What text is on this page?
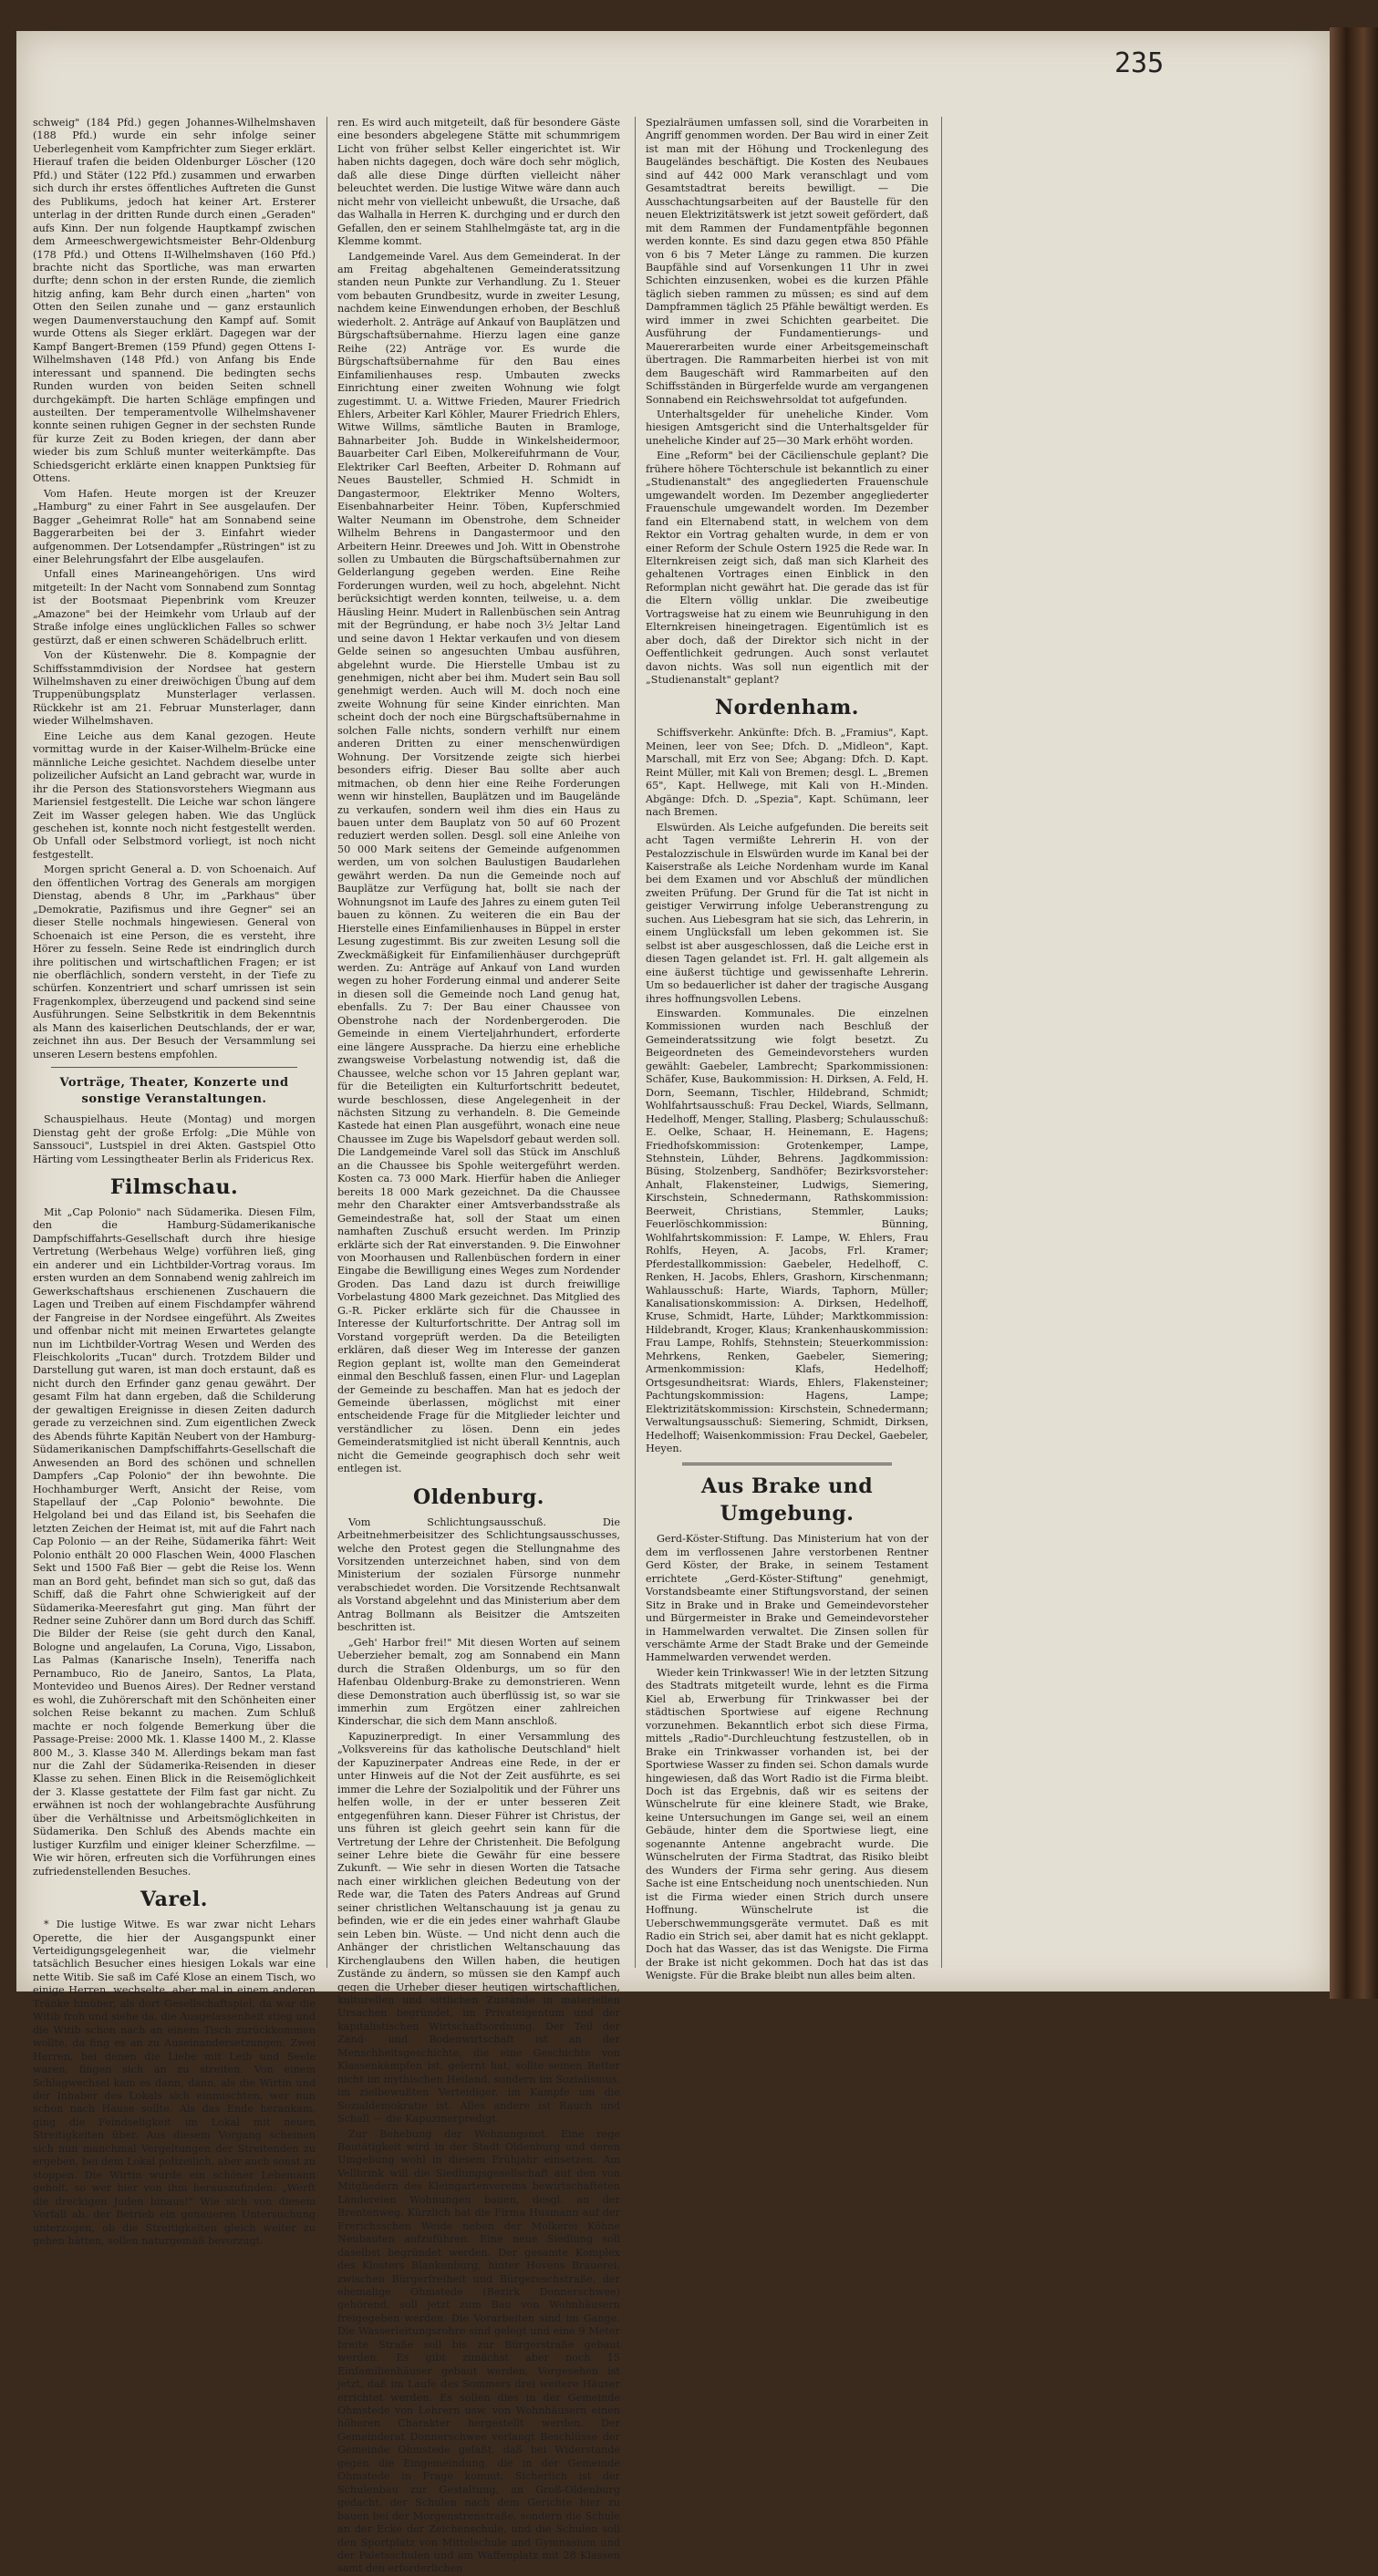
235

schweig" (184 Pfd.) gegen Johannes-Wilhelmshaven (188 Pfd.) wurde ein sehr infolge seiner Ueberlegenheit vom Kampfrichter zum Sieger erklärt. Hierauf trafen die beiden Oldenburger Löscher (120 Pfd.) und Stäter (122 Pfd.) zusammen und erwarben sich durch ihr erstes öffentliches Auftreten die Gunst des Publikums, jedoch hat keiner Art. Ersterer unterlag in der dritten Runde durch einen „Geraden" aufs Kinn. Der nun folgende Hauptkampf zwischen dem Armeeschwergewichtsmeister Behr-Oldenburg (178 Pfd.) und Ottens II-Wilhelmshaven (160 Pfd.) brachte nicht das Sportliche, was man erwarten durfte; denn schon in der ersten Runde, die ziemlich hitzig anfing, kam Behr durch einen „harten" von Otten den Seilen zunahe und — ganz erstaunlich wegen Daumenverstauchung den Kampf auf. Somit wurde Ottens als Sieger erklärt. Dagegen war der Kampf Bangert-Bremen (159 Pfund) gegen Ottens I-Wilhelmshaven (148 Pfd.) von Anfang bis Ende interessant und spannend. Die bedingten sechs Runden wurden von beiden Seiten schnell durchgekämpft. Die harten Schläge empfingen und austeilten. Der temperamentvolle Wilhelmshavener konnte seinen ruhigen Gegner in der sechsten Runde für kurze Zeit zu Boden kriegen, der dann aber wieder bis zum Schluß munter weiterkämpfte. Das Schiedsgericht erklärte einen knappen Punktsieg für Ottens.

Vom Hafen. Heute morgen ist der Kreuzer „Hamburg" zu einer Fahrt in See ausgelaufen. Der Bagger „Geheimrat Rolle" hat am Sonnabend seine Baggerarbeiten bei der 3. Einfahrt wieder aufgenommen. Der Lotsendampfer „Rüstringen" ist zu einer Belehrungsfahrt der Elbe ausgelaufen.

Unfall eines Marineangehörigen. Uns wird mitgeteilt: In der Nacht vom Sonnabend zum Sonntag ist der Bootsmaat Piepenbrink vom Kreuzer „Amazone" bei der Heimkehr vom Urlaub auf der Straße infolge eines unglücklichen Falles so schwer gestürzt, daß er einen schweren Schädelbruch erlitt.

Von der Küstenwehr. Die 8. Kompagnie der Schiffsstammdivision der Nordsee hat gestern Wilhelmshaven zu einer dreiwöchigen Übung auf dem Truppenübungsplatz Munsterlager verlassen. Rückkehr ist am 21. Februar Munsterlager, dann wieder Wilhelmshaven.

Eine Leiche aus dem Kanal gezogen. Heute vormittag wurde in der Kaiser-Wilhelm-Brücke eine männliche Leiche gesichtet. Nachdem dieselbe unter polizeilicher Aufsicht an Land gebracht war, wurde in ihr die Person des Stationsvorstehers Wiegmann aus Mariensiel festgestellt. Die Leiche war schon längere Zeit im Wasser gelegen haben. Wie das Unglück geschehen ist, konnte noch nicht festgestellt werden. Ob Unfall oder Selbstmord vorliegt, ist noch nicht festgestellt.

Morgen spricht General a. D. von Schoenaich. Auf den öffentlichen Vortrag des Generals am morgigen Dienstag, abends 8 Uhr, im „Parkhaus" über „Demokratie, Pazifismus und ihre Gegner" sei an dieser Stelle nochmals hingewiesen. General von Schoenaich ist eine Person, die es versteht, ihre Hörer zu fesseln. Seine Rede ist eindringlich durch ihre politischen und wirtschaftlichen Fragen; er ist nie oberflächlich, sondern versteht, in der Tiefe zu schürfen. Konzentriert und scharf umrissen ist sein Fragenkomplex, überzeugend und packend sind seine Ausführungen. Seine Selbstkritik in dem Bekenntnis als Mann des kaiserlichen Deutschlands, der er war, zeichnet ihn aus. Der Besuch der Versammlung sei unseren Lesern bestens empfohlen.

Vorträge, Theater, Konzerte und sonstige Veranstaltungen.

Schauspielhaus. Heute (Montag) und morgen Dienstag geht der große Erfolg: „Die Mühle von Sanssouci", Lustspiel in drei Akten. Gastspiel Otto Härting vom Lessingtheater Berlin als Fridericus Rex.

Filmschau.

Mit „Cap Polonio" nach Südamerika. Diesen Film, den die Hamburg-Südamerikanische Dampfschiffahrts-Gesellschaft durch ihre hiesige Vertretung (Werbehaus Welge) vorführen ließ, ging ein anderer und ein Lichtbilder-Vortrag voraus. Im ersten wurden an dem Sonnabend wenig zahlreich im Gewerkschaftshaus erschienenen Zuschauern die Lagen und Treiben auf einem Fischdampfer während der Fangreise in der Nordsee eingeführt. Als Zweites und offenbar nicht mit meinen Erwartetes gelangte nun im Lichtbilder-Vortrag Wesen und Werden des Fleischkolorits „Tucan" durch. Trotzdem Bilder und Darstellung gut waren, ist man doch erstaunt, daß es nicht durch den Erfinder ganz genau gewährt. Der gesamt Film hat dann ergeben, daß die Schilderung der gewaltigen Ereignisse in diesen Zeiten dadurch gerade zu verzeichnen sind. Zum eigentlichen Zweck des Abends führte Kapitän Neubert von der Hamburg-Südamerikanischen Dampfschiffahrts-Gesellschaft die Anwesenden an Bord des schönen und schnellen Dampfers „Cap Polonio" der ihn bewohnte. Die Hochhamburger Werft, Ansicht der Reise, vom Stapellauf der „Cap Polonio" bewohnte. Die Helgoland bei und das Eiland ist, bis Seehafen die letzten Zeichen der Heimat ist, mit auf die Fahrt nach Cap Polonio — an der Reihe, Südamerika fährt: Weit Polonio enthält 20 000 Flaschen Wein, 4000 Flaschen Sekt und 1500 Faß Bier — gebt die Reise los. Wenn man an Bord geht, befindet man sich so gut, daß das Schiff, daß die Fahrt ohne Schwierigkeit auf der Südamerika-Meeresfahrt gut ging. Man führt der Redner seine Zuhörer dann um Bord durch das Schiff. Die Bilder der Reise (sie geht durch den Kanal, Bologne und angelaufen, La Coruna, Vigo, Lissabon, Las Palmas (Kanarische Inseln), Teneriffa nach Pernambuco, Rio de Janeiro, Santos, La Plata, Montevideo und Buenos Aires). Der Redner verstand es wohl, die Zuhörerschaft mit den Schönheiten einer solchen Reise bekannt zu machen. Zum Schluß machte er noch folgende Bemerkung über die Passage-Preise: 2000 Mk. 1. Klasse 1400 M., 2. Klasse 800 M., 3. Klasse 340 M. Allerdings bekam man fast nur die Zahl der Südamerika-Reisenden in dieser Klasse zu sehen. Einen Blick in die Reisemöglichkeit der 3. Klasse gestattete der Film fast gar nicht. Zu erwähnen ist noch der wohlangebrachte Ausführung über die Verhältnisse und Arbeitsmöglichkeiten in Südamerika. Den Schluß des Abends machte ein lustiger Kurzfilm und einiger kleiner Scherzfilme. — Wie wir hören, erfreuten sich die Vorführungen eines zufriedenstellenden Besuches.

Varel.

* Die lustige Witwe. Es war zwar nicht Lehars Operette, die hier der Ausgangspunkt einer Verteidigungsgelegenheit war, die vielmehr tatsächlich Besucher eines hiesigen Lokals war eine nette Witib. Sie saß im Café Klose an einem Tisch, wo einige Herren, wechselte, aber mal in einem anderen Tränke hinüber, als dort Gesellschaftspiel, da war die Witib froh und siehe da, die Ausgelassenheit stieg und die Witib schon nach an einem Tisch zurückkommen wollte, da fing es an zu Auseinandersetzungen. Zwei Herren, bei denen die Liebe mit Leib und Seele waren, fingen sich an zu streiten. Von einem Schlagwechsel kam es dann, dann, als die Wirtin und der Inhaber des Lokals sich einmischten, wer nun schon nach Hause sollte. Als das Ende herankam, ging die Feindseligkeit im Lokal mit neuen Streitigkeiten über. Aus diesem Vorgang scheinen sich nun manchmal Vergeltungen der Streitenden zu ergeben, bei dem Lokal polizeilich, aber auch sonst zu stoppen. Die Wirtin wurde ein schöner Lebemann geholt, so wer hier von ihm herauszufinden: „Werft die dreckigen Juden hinaus!" Wie sich von diesem Vorfall ab, der Betrieb ein genaueren Untersuchung unterzogen, ob die Streitigkeiten gleich weiter zu gehen hätten, sollen naturgemäß bevorzugt.

ren. Es wird auch mitgeteilt, daß für besondere Gäste eine besonders abgelegene Stätte mit schummrigem Licht von früher selbst Keller eingerichtet ist. Wir haben nichts dagegen, doch wäre doch sehr möglich, daß alle diese Dinge dürften vielleicht näher beleuchtet werden. Die lustige Witwe wäre dann auch nicht mehr von vielleicht unbewußt, die Ursache, daß das Walhalla in Herren K. durchging und er durch den Gefallen, den er seinem Stahlhelmgäste tat, arg in die Klemme kommt.

Landgemeinde Varel. Aus dem Gemeinderat. In der am Freitag abgehaltenen Gemeinderatssitzung standen neun Punkte zur Verhandlung. Zu 1. Steuer vom bebauten Grundbesitz, wurde in zweiter Lesung, nachdem keine Einwendungen erhoben, der Beschluß wiederholt. 2. Anträge auf Ankauf von Bauplätzen und Bürgschaftsübernahme. Hierzu lagen eine ganze Reihe (22) Anträge vor. Es wurde die Bürgschaftsübernahme für den Bau eines Einfamilienhauses resp. Umbauten zwecks Einrichtung einer zweiten Wohnung wie folgt zugestimmt. U. a. Wittwe Frieden, Maurer Friedrich Ehlers, Arbeiter Karl Köhler, Maurer Friedrich Ehlers, Witwe Willms, sämtliche Bauten in Bramloge, Bahnarbeiter Joh. Budde in Winkelsheidermoor, Bauarbeiter Carl Eiben, Molkereifuhrmann de Vour, Elektriker Carl Beeften, Arbeiter D. Rohmann auf Neues Bausteller, Schmied H. Schmidt in Dangastermoor, Elektriker Menno Wolters, Eisenbahnarbeiter Heinr. Töben, Kupferschmied Walter Neumann im Obenstrohe, dem Schneider Wilhelm Behrens in Dangastermoor und den Arbeitern Heinr. Dreewes und Joh. Witt in Obenstrohe sollen zu Umbauten die Bürgschaftsübernahmen zur Gelderlangung gegeben werden. Eine Reihe Forderungen wurden, weil zu hoch, abgelehnt. Nicht berücksichtigt werden konnten, teilweise, u. a. dem Häusling Heinr. Mudert in Rallenbüschen sein Antrag mit der Begründung, er habe noch 3½ Jeltar Land und seine davon 1 Hektar verkaufen und von diesem Gelde seinen so angesuchten Umbau ausführen, abgelehnt wurde. Die Hierstelle Umbau ist zu genehmigen, nicht aber bei ihm. Mudert sein Bau soll genehmigt werden. Auch will M. doch noch eine zweite Wohnung für seine Kinder einrichten. Man scheint doch der noch eine Bürgschaftsübernahme in solchen Falle nichts, sondern verhilft nur einem anderen Dritten zu einer menschenwürdigen Wohnung. Der Vorsitzende zeigte sich hierbei besonders eifrig. Dieser Bau sollte aber auch mitmachen, ob denn hier eine Reihe Forderungen wenn wir hinstellen, Bauplätzen und im Baugelände zu verkaufen, sondern weil ihm dies ein Haus zu bauen unter dem Bauplatz von 50 auf 60 Prozent reduziert werden sollen. Desgl. soll eine Anleihe von 50 000 Mark seitens der Gemeinde aufgenommen werden, um von solchen Baulustigen Baudarlehen gewährt werden. Da nun die Gemeinde noch auf Bauplätze zur Verfügung hat, bollt sie nach der Wohnungsnot im Laufe des Jahres zu einem guten Teil bauen zu können. Zu weiteren die ein Bau der Hierstelle eines Einfamilienhauses in Büppel in erster Lesung zugestimmt. Bis zur zweiten Lesung soll die Zweckmäßigkeit für Einfamilienhäuser durchgeprüft werden. Zu: Anträge auf Ankauf von Land wurden wegen zu hoher Forderung einmal und anderer Seite in diesen soll die Gemeinde noch Land genug hat, ebenfalls. Zu 7: Der Bau einer Chaussee von Obenstrohe nach der Nordenbergeroden. Die Gemeinde in einem Vierteljahrhundert, erforderte eine längere Aussprache. Da hierzu eine erhebliche zwangsweise Vorbelastung notwendig ist, daß die Chaussee, welche schon vor 15 Jahren geplant war, für die Beteiligten ein Kulturfortschritt bedeutet, wurde beschlossen, diese Angelegenheit in der nächsten Sitzung zu verhandeln. 8. Die Gemeinde Kastede hat einen Plan ausgeführt, wonach eine neue Chaussee im Zuge bis Wapelsdorf gebaut werden soll. Die Landgemeinde Varel soll das Stück im Anschluß an die Chaussee bis Spohle weitergeführt werden. Kosten ca. 73 000 Mark. Hierfür haben die Anlieger bereits 18 000 Mark gezeichnet. Da die Chaussee mehr den Charakter einer Amtsverbandsstraße als Gemeindestraße hat, soll der Staat um einen namhaften Zuschuß ersucht werden. Im Prinzip erklärte sich der Rat einverstanden. 9. Die Einwohner von Moorhausen und Rallenbüschen fordern in einer Eingabe die Bewilligung eines Weges zum Nordender Groden. Das Land dazu ist durch freiwillige Vorbelastung 4800 Mark gezeichnet. Das Mitglied des G.-R. Picker erklärte sich für die Chaussee in Interesse der Kulturfortschritte. Der Antrag soll im Vorstand vorgeprüft werden. Da die Beteiligten erklären, daß dieser Weg im Interesse der ganzen Region geplant ist, wollte man den Gemeinderat einmal den Beschluß fassen, einen Flur- und Lageplan der Gemeinde zu beschaffen. Man hat es jedoch der Gemeinde überlassen, möglichst mit einer entscheidende Frage für die Mitglieder leichter und verständlicher zu lösen. Denn ein jedes Gemeinderatsmitglied ist nicht überall Kenntnis, auch nicht die Gemeinde geographisch doch sehr weit entlegen ist.

Oldenburg.

Vom Schlichtungsausschuß. Die Arbeitnehmerbeisitzer des Schlichtungsausschusses, welche den Protest gegen die Stellungnahme des Vorsitzenden unterzeichnet haben, sind von dem Ministerium der sozialen Fürsorge nunmehr verabschiedet worden. Die Vorsitzende Rechtsanwalt als Vorstand abgelehnt und das Ministerium aber dem Antrag Bollmann als Beisitzer die Amtszeiten beschritten ist.

„Geh' Harbor frei!" Mit diesen Worten auf seinem Ueberzieher bemalt, zog am Sonnabend ein Mann durch die Straßen Oldenburgs, um so für den Hafenbau Oldenburg-Brake zu demonstrieren. Wenn diese Demonstration auch überflüssig ist, so war sie immerhin zum Ergötzen einer zahlreichen Kinderschar, die sich dem Mann anschloß.

Kapuzinerpredigt. In einer Versammlung des „Volksvereins für das katholische Deutschland" hielt der Kapuzinerpater Andreas eine Rede, in der er unter Hinweis auf die Not der Zeit ausführte, es sei immer die Lehre der Sozialpolitik und der Führer uns helfen wolle, in der er unter besseren Zeit entgegenführen kann. Dieser Führer ist Christus, der uns führen ist gleich geehrt sein kann für die Vertretung der Lehre der Christenheit. Die Befolgung seiner Lehre biete die Gewähr für eine bessere Zukunft. — Wie sehr in diesen Worten die Tatsache nach einer wirklichen gleichen Bedeutung von der Rede war, die Taten des Paters Andreas auf Grund seiner christlichen Weltanschauung ist ja genau zu befinden, wie er die ein jedes einer wahrhaft Glaube sein Leben bin. Wüste. — Und nicht denn auch die Anhänger der christlichen Weltanschauung das Kirchenglaubens den Willen haben, die heutigen Zustände zu ändern, so müssen sie den Kampf auch gegen die Urheber dieser heutigen wirtschaftlichen, kulturellen und sittlichen Zustände in materiellen Ursachen begründet, im Privateigentum und der kapitalistischen Wirtschaftsordnung. Der Teil der Zand- und Bodenwirtschaft ist an der Menschheitsgeschichte, die eine Geschichte von Klassenkämpfen ist, gelernt hat, sollte seinen Retter nicht im mythischen Heiland, sondern im Sozialismus, im zielbewußten Verteidiger, im Kampfe um die Sozialdemokratie ist. Alles andere ist Rauch und Schall — die Kapuzinerpredigt.

Zur Behebung der Wohnungsnot. Eine rege Bautätigkeit wird in der Stadt Oldenburg und deren Umgebung wohl in diesem Frühjahr einsetzen. Am Vellbrink will die Siedlungsgesellschaft auf den von Mitgliedern des Kleingartenvereins bewirtschafteten Ländereien Wohnungen bauen, desgl. an der Brentenweg. Kürzlich hat die Firma Husmann auf der Frerichsschen Weide neben der Molkerei Köhne Neubauten aufzuführen. Eine neue Siedlung soll daselbst begründet werden. Der gesamte Komplex des Klosters Blankenburg, hinter Hovens Brauerei, zwischen Bürgerfreiheit und Bürgereschstraße, der ehemalige Ohmstede (Bezirk Donnerschwee) gehörend, soll jetzt zum Bau von Wohnhäusern freigegeben werden. Die Vorarbeiten sind im Gange. Die Wasserleitungsrohre sind gelegt und eine 9 Meter breite Straße soll bis zur Bürgerstraße gebaut werden. Es gibt zunächst aber noch 15 Einfamilienhäuser gebaut werden, Vorgesehen ist jetzt, daß im Laufe des Sommers drei weitere Häuser errichtet werden. Es sollen dies in der Gemeinde Ohmstede von Lehrern usw. von Wohnhäusern einen höheren Charakter hergestellt werden. Der Gemeinderat Donnerschwee verlangt Beschlüsse der Gemeinde Ohmstede gefaßt, daß bei Widerstande gegen die Eingemeindung, die in der Gemeinde Ohmstede in Frage kommt. Sicherlich ist der Schulenbau zur Gestaltung, an Groß-Oldenburg gedacht, der Schulen nach dem Gerichte hier zu bauen bei der Morgenstrenstraße, sondern die Schule an der Ecke der Zeichenschule, und die Schulen soll den Sportplatz von Mittelschule und Gymnasium und der Paletsschulen und am Waffenplatz mit 28 Klassen samt den erforderlichen

Spezialräumen umfassen soll, sind die Vorarbeiten in Angriff genommen worden. Der Bau wird in einer Zeit ist man mit der Höhung und Trockenlegung des Baugeländes beschäftigt. Die Kosten des Neubaues sind auf 442 000 Mark veranschlagt und vom Gesamtstadtrat bereits bewilligt. — Die Ausschachtungsarbeiten auf der Baustelle für den neuen Elektrizitätswerk ist jetzt soweit gefördert, daß mit dem Rammen der Fundamentpfähle begonnen werden konnte. Es sind dazu gegen etwa 850 Pfähle von 6 bis 7 Meter Länge zu rammen. Die kurzen Baupfähle sind auf Vorsenkungen 11 Uhr in zwei Schichten einzusenken, wobei es die kurzen Pfähle täglich sieben rammen zu müssen; es sind auf dem Dampframmen täglich 25 Pfähle bewältigt werden. Es wird immer in zwei Schichten gearbeitet. Die Ausführung der Fundamentierungs- und Mauererarbeiten wurde einer Arbeitsgemeinschaft übertragen. Die Rammarbeiten hierbei ist von mit dem Baugeschäft wird Rammarbeiten auf den Schiffsständen in Bürgerfelde wurde am vergangenen Sonnabend ein Reichswehrsoldat tot aufgefunden.

Unterhaltsgelder für uneheliche Kinder. Vom hiesigen Amtsgericht sind die Unterhaltsgelder für uneheliche Kinder auf 25—30 Mark erhöht worden.

Eine „Reform" bei der Cäcilienschule geplant? Die frühere höhere Töchterschule ist bekanntlich zu einer „Studienanstalt" des angegliederten Frauenschule umgewandelt worden. Im Dezember angegliederter Frauenschule umgewandelt worden. Im Dezember fand ein Elternabend statt, in welchem von dem Rektor ein Vortrag gehalten wurde, in dem er von einer Reform der Schule Ostern 1925 die Rede war. In Elternkreisen zeigt sich, daß man sich Klarheit des gehaltenen Vortrages einen Einblick in den Reformplan nicht gewährt hat. Die gerade das ist für die Eltern völlig unklar. Die zweibeutige Vortragsweise hat zu einem wie Beunruhigung in den Elternkreisen hineingetragen. Eigentümlich ist es aber doch, daß der Direktor sich nicht in der Oeffentlichkeit gedrungen. Auch sonst verlautet davon nichts. Was soll nun eigentlich mit der „Studienanstalt" geplant?

Nordenham.

Schiffsverkehr. Ankünfte: Dfch. B. „Framius", Kapt. Meinen, leer von See; Dfch. D. „Midleon", Kapt. Marschall, mit Erz von See; Abgang: Dfch. D. Kapt. Reint Müller, mit Kali von Bremen; desgl. L. „Bremen 65", Kapt. Hellwege, mit Kali von H.-Minden. Abgänge: Dfch. D. „Spezia", Kapt. Schümann, leer nach Bremen.

Elswürden. Als Leiche aufgefunden. Die bereits seit acht Tagen vermißte Lehrerin H. von der Pestalozzischule in Elswürden wurde im Kanal bei der Kaiserstraße als Leiche Nordenham wurde im Kanal bei dem Examen und vor Abschluß der mündlichen zweiten Prüfung. Der Grund für die Tat ist nicht in geistiger Verwirrung infolge Ueberanstrengung zu suchen. Aus Liebesgram hat sie sich, das Lehrerin, in einem Unglücksfall um leben gekommen ist. Sie selbst ist aber ausgeschlossen, daß die Leiche erst in diesen Tagen gelandet ist. Frl. H. galt allgemein als eine äußerst tüchtige und gewissenhafte Lehrerin. Um so bedauerlicher ist daher der tragische Ausgang ihres hoffnungsvollen Lebens.

Einswarden. Kommunales. Die einzelnen Kommissionen wurden nach Beschluß der Gemeinderatssitzung wie folgt besetzt. Zu Beigeordneten des Gemeindevorstehers wurden gewählt: Gaebeler, Lambrecht; Sparkommissionen: Schäfer, Kuse, Baukommission: H. Dirksen, A. Feld, H. Dorn, Seemann, Tischler, Hildebrand, Schmidt; Wohlfahrtsausschuß: Frau Deckel, Wiards, Sellmann, Hedelhoff, Menger, Stalling, Plasberg; Schulausschuß: E. Oelke, Schaar, H. Heinemann, E. Hagens; Friedhofskommission: Grotenkemper, Lampe, Stehnstein, Lühder, Behrens. Jagdkommission: Büsing, Stolzenberg, Sandhöfer; Bezirksvorsteher: Anhalt, Flakensteiner, Ludwigs, Siemering, Kirschstein, Schnedermann, Rathskommission: Beerweit, Christians, Stemmler, Lauks; Feuerlöschkommission: Bünning, Wohlfahrtskommission: F. Lampe, W. Ehlers, Frau Rohlfs, Heyen, A. Jacobs, Frl. Kramer; Pferdestallkommission: Gaebeler, Hedelhoff, C. Renken, H. Jacobs, Ehlers, Grashorn, Kirschenmann; Wahlausschuß: Harte, Wiards, Taphorn, Müller; Kanalisationskommission: A. Dirksen, Hedelhoff, Kruse, Schmidt, Harte, Lühder; Marktkommission: Hildebrandt, Kroger, Klaus; Krankenhauskommission: Frau Lampe, Rohlfs, Stehnstein; Steuerkommission: Mehrkens, Renken, Gaebeler, Siemering; Armenkommission: Klafs, Hedelhoff; Ortsgesundheitsrat: Wiards, Ehlers, Flakensteiner; Pachtungskommission: Hagens, Lampe; Elektrizitätskommission: Kirschstein, Schnedermann; Verwaltungsausschuß: Siemering, Schmidt, Dirksen, Hedelhoff; Waisenkommission: Frau Deckel, Gaebeler, Heyen.

Aus Brake und Umgebung.

Gerd-Köster-Stiftung. Das Ministerium hat von der dem im verflossenen Jahre verstorbenen Rentner Gerd Köster, der Brake, in seinem Testament errichtete „Gerd-Köster-Stiftung" genehmigt, Vorstandsbeamte einer Stiftungsvorstand, der seinen Sitz in Brake und in Brake und Gemeindevorsteher und Bürgermeister in Brake und Gemeindevorsteher in Hammelwarden verwaltet. Die Zinsen sollen für verschämte Arme der Stadt Brake und der Gemeinde Hammelwarden verwendet werden.

Wieder kein Trinkwasser! Wie in der letzten Sitzung des Stadtrats mitgeteilt wurde, lehnt es die Firma Kiel ab, Erwerbung für Trinkwasser bei der städtischen Sportwiese auf eigene Rechnung vorzunehmen. Bekanntlich erbot sich diese Firma, mittels „Radio"-Durchleuchtung festzustellen, ob in Brake ein Trinkwasser vorhanden ist, bei der Sportwiese Wasser zu finden sei. Schon damals wurde hingewiesen, daß das Wort Radio ist die Firma bleibt. Doch ist das Ergebnis, daß wir es seitens der Wünschelrute für eine kleinere Stadt, wie Brake, keine Untersuchungen im Gange sei, weil an einem Gebäude, hinter dem die Sportwiese liegt, eine sogenannte Antenne angebracht wurde. Die Wünschelruten der Firma Stadtrat, das Risiko bleibt des Wunders der Firma sehr gering. Aus diesem Sache ist eine Entscheidung noch unentschieden. Nun ist die Firma wieder einen Strich durch unsere Hoffnung. Wünschelrute ist die Ueberschwemmungsgeräte vermutet. Daß es mit Radio ein Strich sei, aber damit hat es nicht geklappt. Doch hat das Wasser, das ist das Wenigste. Die Firma der Brake ist nicht gekommen. Doch hat das ist das Wenigste. Für die Brake bleibt nun alles beim alten.
